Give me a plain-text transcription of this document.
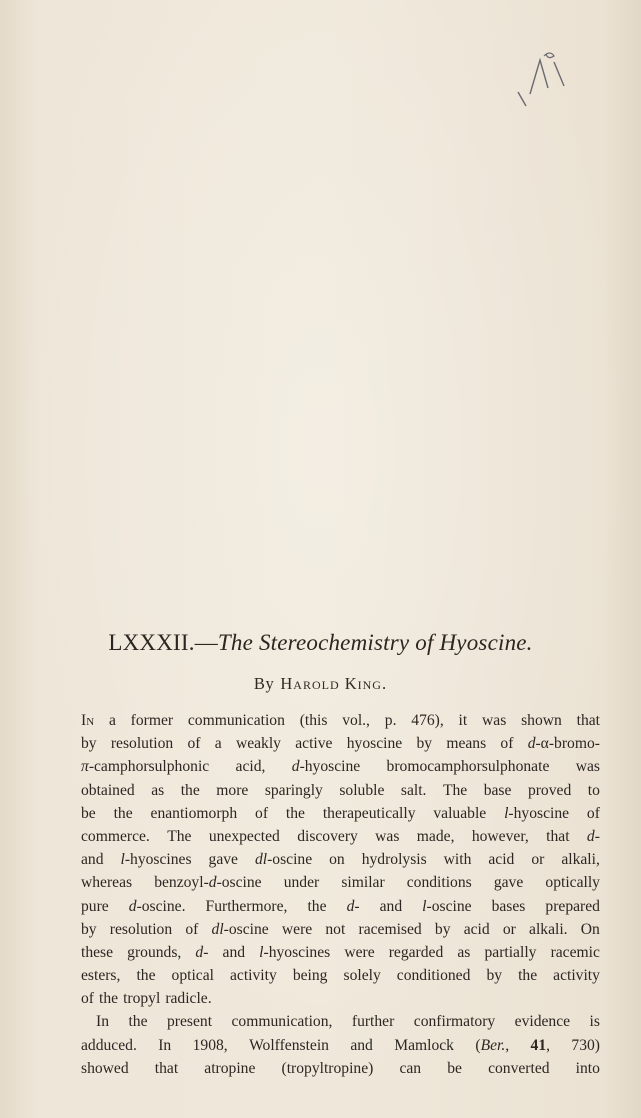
LXXXII.—The Stereochemistry of Hyoscine.
By Harold King.
In a former communication (this vol., p. 476), it was shown that
by resolution of a weakly active hyoscine by means of d-α-bromo-
π-camphorsulphonic acid, d-hyoscine bromocamphorsulphonate was
obtained as the more sparingly soluble salt. The base proved to
be the enantiomorph of the therapeutically valuable l-hyoscine of
commerce. The unexpected discovery was made, however, that d-
and l-hyoscines gave dl-oscine on hydrolysis with acid or alkali,
whereas benzoyl-d-oscine under similar conditions gave optically
pure d-oscine. Furthermore, the d- and l-oscine bases prepared
by resolution of dl-oscine were not racemised by acid or alkali. On
these grounds, d- and l-hyoscines were regarded as partially racemic
esters, the optical activity being solely conditioned by the activity
of the tropyl radicle.
In the present communication, further confirmatory evidence is
adduced. In 1908, Wolffenstein and Mamlock (Ber., 41, 730)
showed that atropine (tropyltropine) can be converted into
